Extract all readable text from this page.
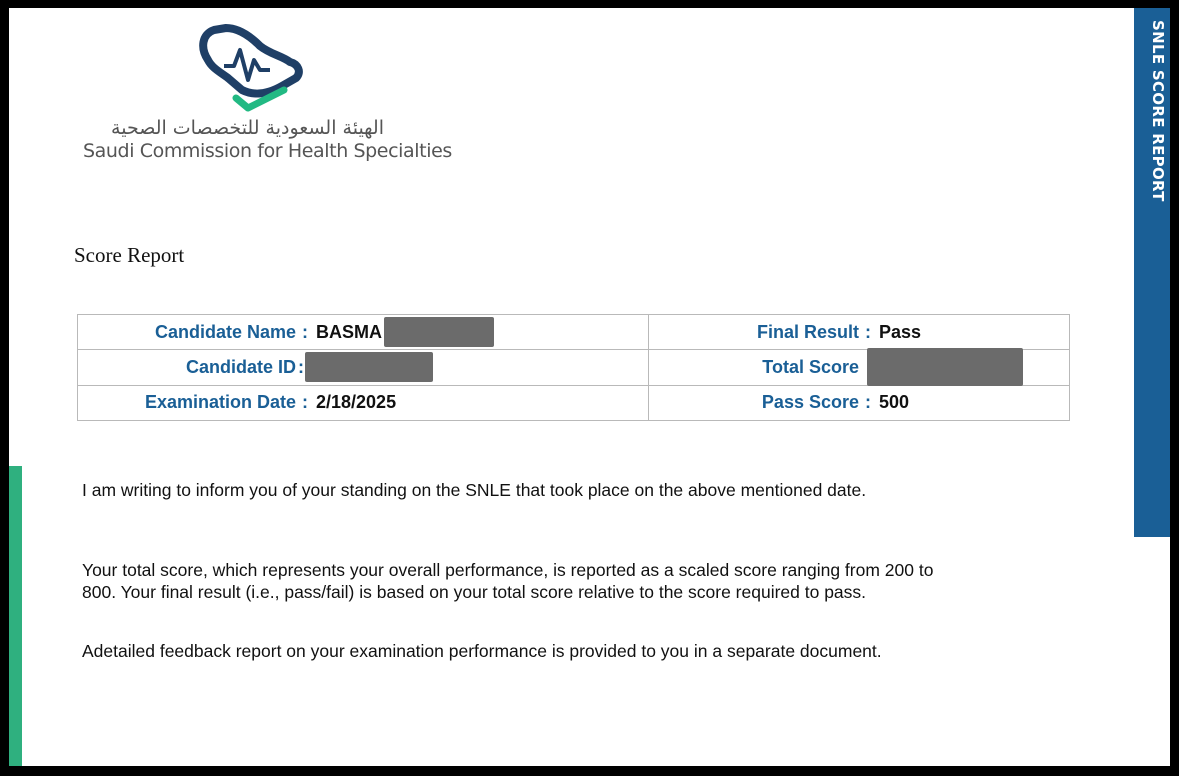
الهيئة السعودية للتخصصات الصحية
Saudi Commission for Health Specialties	SNLE SCORE REPORT
Score Report
Candidate Name : BASMA	Final Result : Pass

Candidate ID :	Total Score

Examination Date : 2/18/2025	Pass Score : 500
I am writing to inform you of your standing on the SNLE that took place on the above mentioned date.
Your total score, which represents your overall performance, is reported as a scaled score ranging from 200 to
800. Your final result (i.e., pass/fail) is based on your total score relative to the score required to pass.
Adetailed feedback report on your examination performance is provided to you in a separate document.
